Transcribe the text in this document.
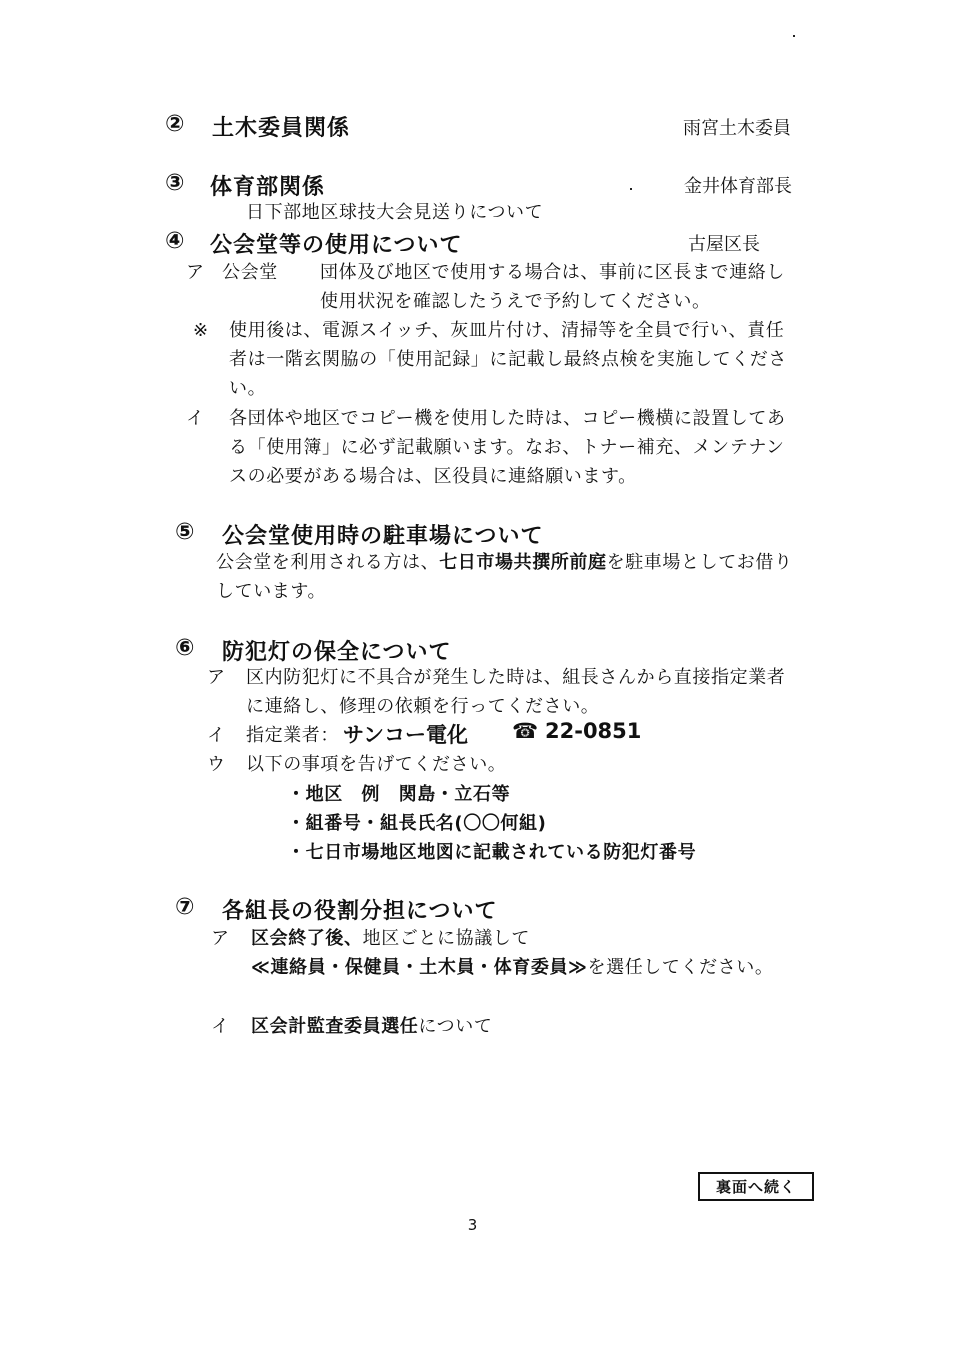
② 土木委員関係	雨宮土木委員
③ 体育部関係	金井体育部長
日下部地区球技大会見送りについて
④ 公会堂等の使用について	古屋区長
ア 公会堂 団体及び地区で使用する場合は、事前に区長まで連絡し
使用状況を確認したうえで予約してください。
※ 使用後は、電源スイッチ、灰皿片付け、清掃等を全員で行い、責任
者は一階玄関脇の「使用記録」に記載し最終点検を実施してくださ
い。
イ 各団体や地区でコピー機を使用した時は、コピー機横に設置してあ
る「使用簿」に必ず記載願います。なお、トナー補充、メンテナン
スの必要がある場合は、区役員に連絡願います。
⑤ 公会堂使用時の駐車場について
公会堂を利用される方は、七日市場共撰所前庭を駐車場としてお借り
しています。
⑥ 防犯灯の保全について
ア 区内防犯灯に不具合が発生した時は、組長さんから直接指定業者
に連絡し、修理の依頼を行ってください。
イ 指定業者： サンコー電化 ☎ 22-0851
ウ 以下の事項を告げてください。
・地区　例　関島・立石等
・組番号・組長氏名(〇〇何組)
・七日市場地区地図に記載されている防犯灯番号
⑦ 各組長の役割分担について
ア 区会終了後、地区ごとに協議して
≪連絡員・保健員・土木員・体育委員≫を選任してください。
イ 区会計監査委員選任について
裏面へ続く
3
